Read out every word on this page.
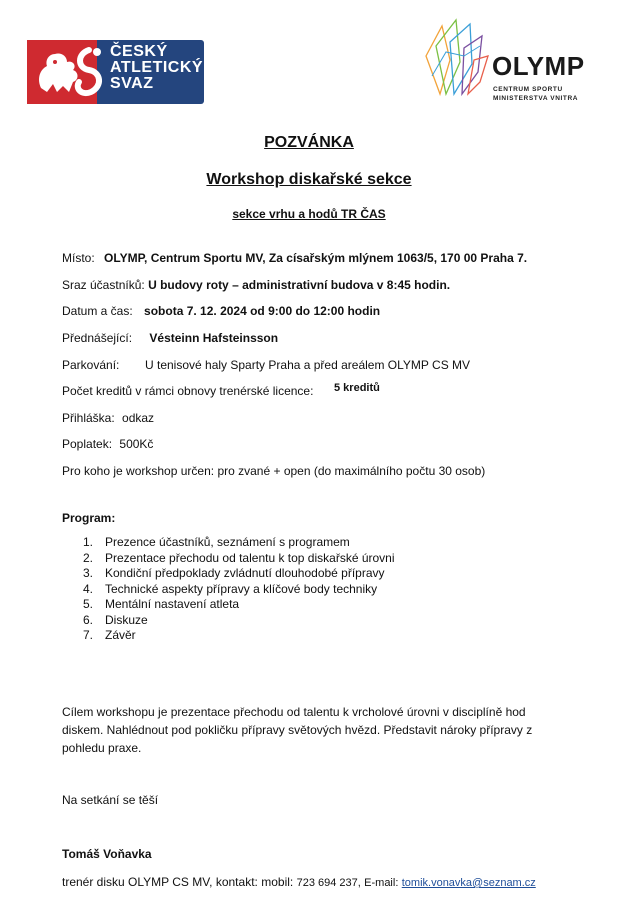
ČESKÝ
ATLETICKÝ
SVAZ
OLYMP
CENTRUM SPORTU
MINISTERSTVA VNITRA
POZVÁNKA
Workshop diskařské sekce
sekce vrhu a hodů TR ČAS
Místo: OLYMP, Centrum Sportu MV, Za císařským mlýnem 1063/5, 170 00 Praha 7.
Sraz účastníků: U budovy roty – administrativní budova v 8:45 hodin.
Datum a čas: sobota 7. 12. 2024 od 9:00 do 12:00 hodin
Přednášející: Vésteinn Hafsteinsson
Parkování: U tenisové haly Sparty Praha a před areálem OLYMP CS MV
Počet kreditů v rámci obnovy trenérské licence: 5 kreditů
Přihláška: odkaz
Poplatek: 500Kč
Pro koho je workshop určen: pro zvané + open (do maximálního počtu 30 osob)
Program:
1. Prezence účastníků, seznámení s programem
2. Prezentace přechodu od talentu k top diskařské úrovni
3. Kondiční předpoklady zvládnutí dlouhodobé přípravy
4. Technické aspekty přípravy a klíčové body techniky
5. Mentální nastavení atleta
6. Diskuze
7. Závěr
Cílem workshopu je prezentace přechodu od talentu k vrcholové úrovni v disciplíně hod diskem. Nahlédnout pod pokličku přípravy světových hvězd. Představit nároky přípravy z pohledu praxe.
Na setkání se těší
Tomáš Voňavka
trenér disku OLYMP CS MV, kontakt: mobil: 723 694 237, E-mail: tomik.vonavka@seznam.cz
